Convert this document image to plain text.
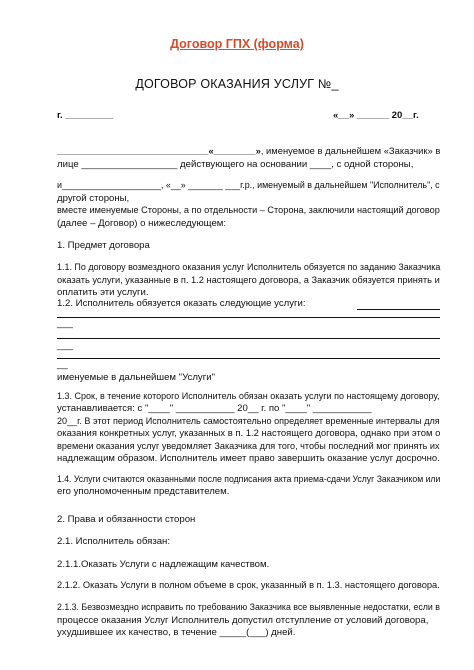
Договор ГПХ (форма)
ДОГОВОР ОКАЗАНИЯ УСЛУГ №_
г. _________	«__» ______ 20__г.
_____________________________«________», именуемое в дальнейшем «Заказчик» в
лице __________________ действующего на основании ____, с одной стороны,
и____________________, «__» _______ ___г.р., именуемый в дальнейшем "Исполнитель", с
другой стороны,
вместе именуемые Стороны, а по отдельности – Сторона, заключили настоящий договор
(далее – Договор) о нижеследующем:
1. Предмет договора
1.1. По договору возмездного оказания услуг Исполнитель обязуется по заданию Заказчика
оказать услуги, указанные в п. 1.2 настоящего договора, а Заказчик обязуется принять и
оплатить эти услуги.
1.2. Исполнитель обязуется оказать следующие услуги:
___
___
__
именуемые в дальнейшем "Услуги"
1.3. Срок, в течение которого Исполнитель обязан оказать услуги по настоящему договору,
устанавливается: с "____" ___________ 20__ г. по "____" ___________
20__г. В этот период Исполнитель самостоятельно определяет временные интервалы для
оказания конкретных услуг, указанных в п. 1.2 настоящего договора, однако при этом о
времени оказания услуг уведомляет Заказчика для того, чтобы последний мог принять их
надлежащим образом. Исполнитель имеет право завершить оказание услуг досрочно.
1.4. Услуги считаются оказанными после подписания акта приема-сдачи Услуг Заказчиком или
его уполномоченным представителем.
2. Права и обязанности сторон
2.1. Исполнитель обязан:
2.1.1.Оказать Услуги с надлежащим качеством.
2.1.2. Оказать Услуги в полном объеме в срок, указанный в п. 1.3. настоящего договора.
2.1.3. Безвозмездно исправить по требованию Заказчика все выявленные недостатки, если в
процессе оказания Услуг Исполнитель допустил отступление от условий договора,
ухудшившее их качество, в течение _____(___) дней.
